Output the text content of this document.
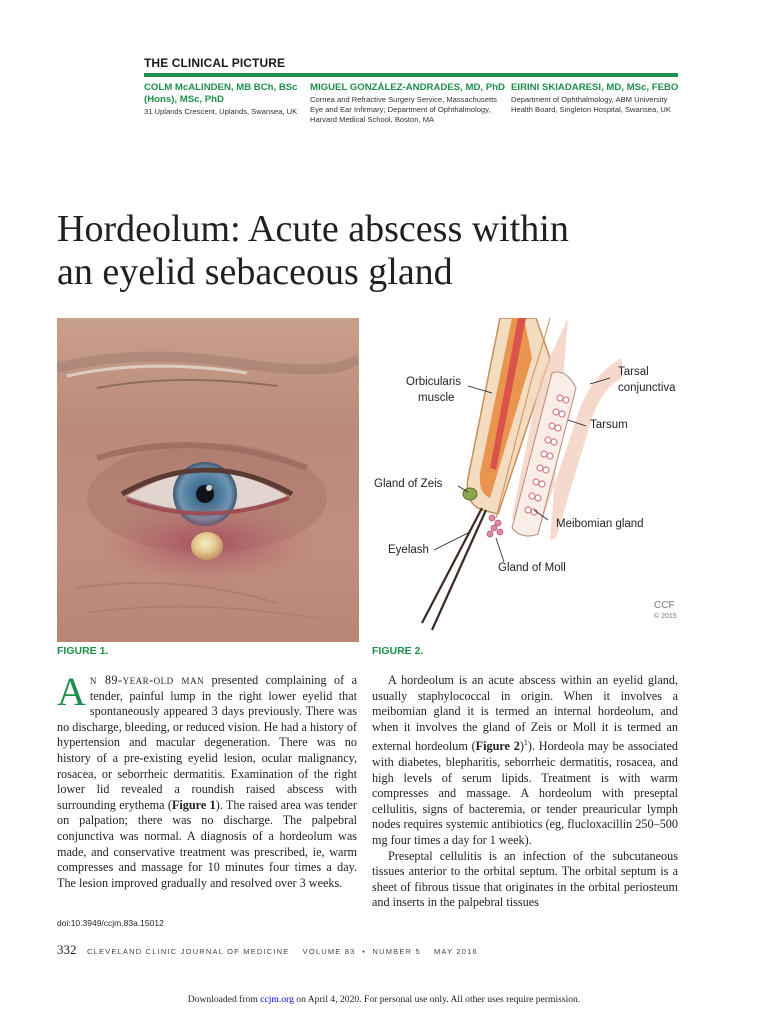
THE CLINICAL PICTURE
COLM McALINDEN, MB BCh, BSc (Hons), MSc, PhD
31 Uplands Crescent, Uplands, Swansea, UK
MIGUEL GONZÁLEZ-ANDRADES, MD, PhD
Cornea and Refractive Surgery Service, Massachusetts Eye and Ear Infirmary; Department of Ophthalmology, Harvard Medical School, Boston, MA
EIRINI SKIADARESI, MD, MSc, FEBO
Department of Ophthalmology, ABM University Health Board, Singleton Hospital, Swansea, UK
Hordeolum: Acute abscess within
an eyelid sebaceous gland
FIGURE 1.
Orbicularis
muscle
Tarsal
conjunctiva
Tarsum
Gland of Zeis
Meibomian gland
Eyelash
Gland of Moll
CCF
© 2015
FIGURE 2.

An 89-year-old man presented complaining of a tender, painful lump in the right lower eyelid that spontaneously appeared 3 days previously. There was no discharge, bleeding, or reduced vision. He had a history of hypertension and macular degeneration. There was no history of a pre-existing eyelid lesion, ocular malignancy, rosacea, or seborrheic dermatitis. Examination of the right lower lid revealed a roundish raised abscess with surrounding erythema (Figure 1). The raised area was tender on palpation; there was no discharge. The palpebral conjunctiva was normal. A diagnosis of a hordeolum was made, and conservative treatment was prescribed, ie, warm compresses and massage for 10 minutes four times a day. The lesion improved gradually and resolved over 3 weeks.

A hordeolum is an acute abscess within an eyelid gland, usually staphylococcal in origin. When it involves a meibomian gland it is termed an internal hordeolum, and when it involves the gland of Zeis or Moll it is termed an external hordeolum (Figure 2)$^1$). Hordeola may be associated with diabetes, blepharitis, seborrheic dermatitis, rosacea, and high levels of serum lipids. Treatment is with warm compresses and massage. A hordeolum with preseptal cellulitis, signs of bacteremia, or tender preauricular lymph nodes requires systemic antibiotics (eg, flucloxacillin 250–500 mg four times a day for 1 week).

Preseptal cellulitis is an infection of the subcutaneous tissues anterior to the orbital septum. The orbital septum is a sheet of fibrous tissue that originates in the orbital periosteum and inserts in the palpebral tissues

doi:10.3949/ccjm.83a.15012
332 CLEVELAND CLINIC JOURNAL OF MEDICINE    VOLUME 83  •  NUMBER 5    MAY 2016
Downloaded from ccjm.org on April 4, 2020. For personal use only. All other uses require permission.
